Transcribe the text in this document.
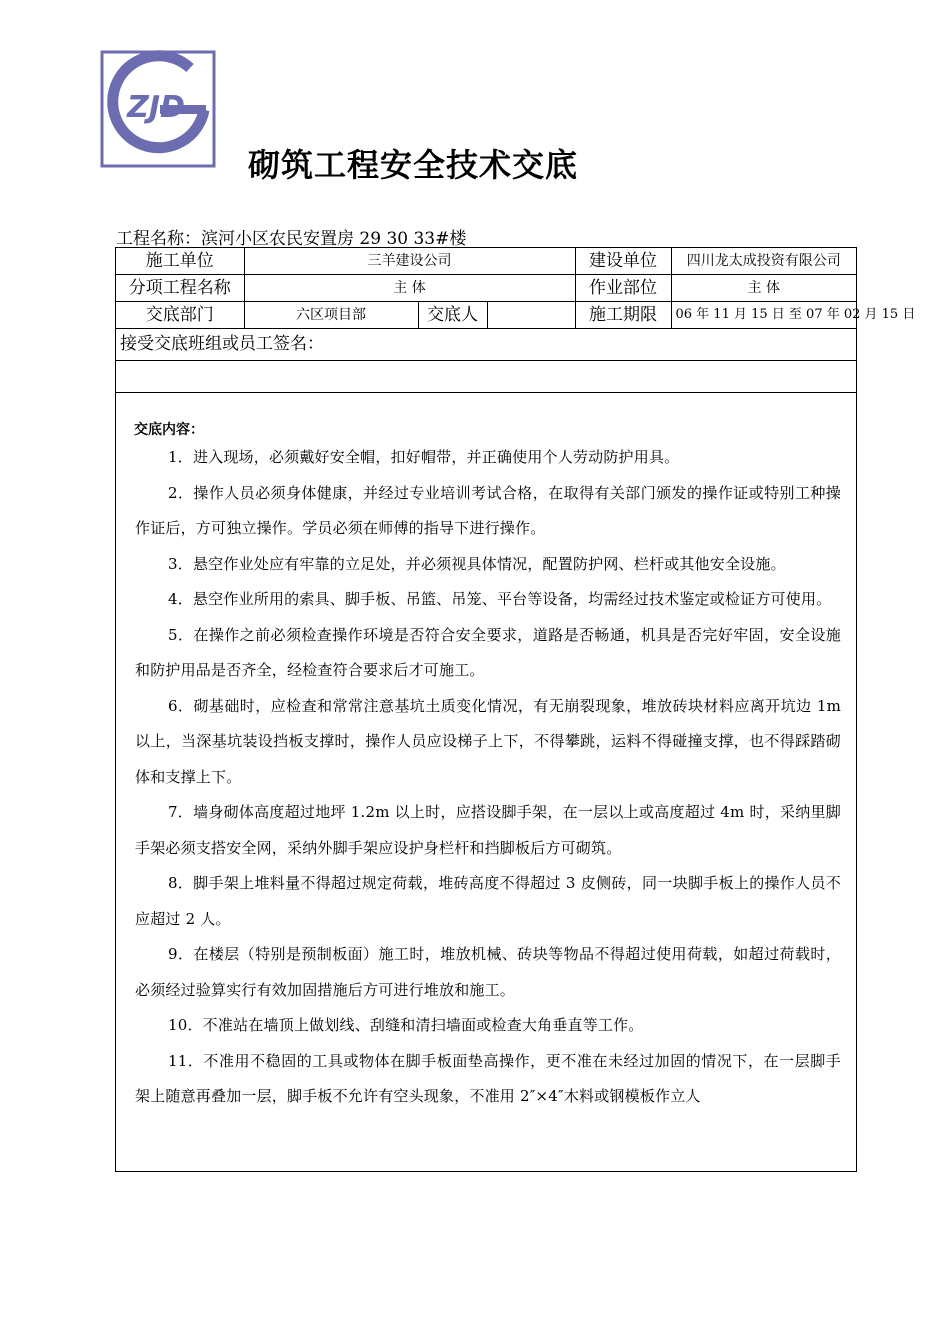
ZJD
砌筑工程安全技术交底
工程名称：滨河小区农民安置房 29 30 33#楼
施工单位	三羊建设公司			建设单位	四川龙太成投资有限公司
分项工程名称	主 体			作业部位	主 体
交底部门	六区项目部	交底人		施工期限	06 年 11 月 15 日 至 07 年 02 月 15 日
接受交底班组或员工签名：					

交底内容：

1．进入现场，必须戴好安全帽，扣好帽带，并正确使用个人劳动防护用具。

2．操作人员必须身体健康，并经过专业培训考试合格，在取得有关部门颁发的操作证或特别工种操作证后，方可独立操作。学员必须在师傅的指导下进行操作。

3．悬空作业处应有牢靠的立足处，并必须视具体情况，配置防护网、栏杆或其他安全设施。

4．悬空作业所用的索具、脚手板、吊篮、吊笼、平台等设备，均需经过技术鉴定或检证方可使用。

5．在操作之前必须检查操作环境是否符合安全要求，道路是否畅通，机具是否完好牢固，安全设施和防护用品是否齐全，经检查符合要求后才可施工。

6．砌基础时，应检查和常常注意基坑土质变化情况，有无崩裂现象，堆放砖块材料应离开坑边 1m 以上，当深基坑装设挡板支撑时，操作人员应设梯子上下，不得攀跳，运料不得碰撞支撑，也不得踩踏砌体和支撑上下。

7．墙身砌体高度超过地坪 1.2m 以上时，应搭设脚手架，在一层以上或高度超过 4m 时，采纳里脚手架必须支搭安全网，采纳外脚手架应设护身栏杆和挡脚板后方可砌筑。

8．脚手架上堆料量不得超过规定荷载，堆砖高度不得超过 3 皮侧砖，同一块脚手板上的操作人员不应超过 2 人。

9．在楼层（特别是预制板面）施工时，堆放机械、砖块等物品不得超过使用荷载，如超过荷载时，必须经过验算实行有效加固措施后方可进行堆放和施工。

10．不准站在墙顶上做划线、刮缝和清扫墙面或检查大角垂直等工作。

11．不准用不稳固的工具或物体在脚手板面垫高操作，更不准在未经过加固的情况下，在一层脚手架上随意再叠加一层，脚手板不允许有空头现象，不准用 2″×4″木料或钢模板作立人
